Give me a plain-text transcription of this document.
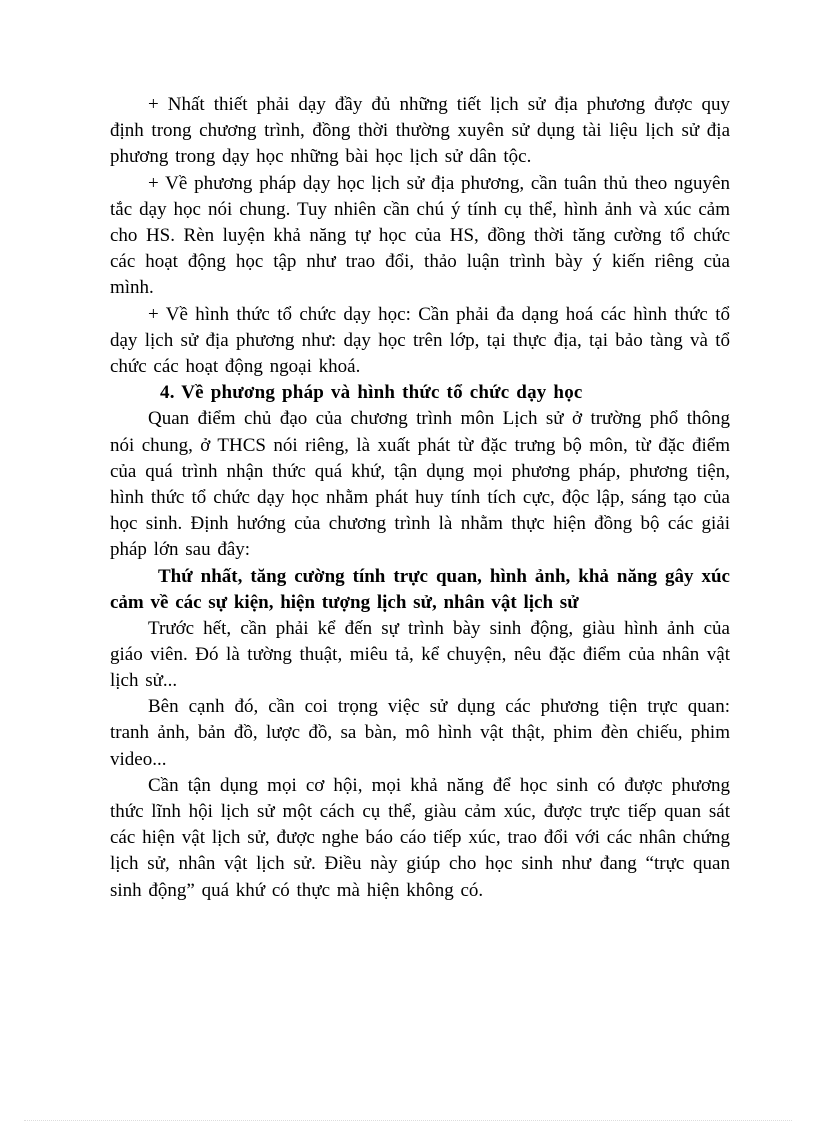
+ Nhất thiết phải dạy đầy đủ những tiết lịch sử địa phương được quy định trong chương trình, đồng thời thường xuyên sử dụng tài liệu lịch sử địa phương trong dạy học những bài học lịch sử dân tộc.

+ Về phương pháp dạy học lịch sử địa phương, cần tuân thủ theo nguyên tắc dạy học nói chung. Tuy nhiên cần chú ý tính cụ thể, hình ảnh và xúc cảm cho HS. Rèn luyện khả năng tự học của HS, đồng thời tăng cường tổ chức các hoạt động học tập như trao đổi, thảo luận trình bày ý kiến riêng của mình.

+ Về hình thức tổ chức dạy học: Cần phải đa dạng hoá các hình thức tổ dạy lịch sử địa phương như: dạy học trên lớp, tại thực địa, tại bảo tàng và tổ chức các hoạt động ngoại khoá.

4. Về phương pháp và hình thức tổ chức dạy học

Quan điểm chủ đạo của chương trình môn Lịch sử ở trường phổ thông nói chung, ở THCS nói riêng, là xuất phát từ đặc trưng bộ môn, từ đặc điểm của quá trình nhận thức quá khứ, tận dụng mọi phương pháp, phương tiện, hình thức tổ chức dạy học nhằm phát huy tính tích cực, độc lập, sáng tạo của học sinh. Định hướng của chương trình là nhằm thực hiện đồng bộ các giải pháp lớn sau đây:

Thứ nhất, tăng cường tính trực quan, hình ảnh, khả năng gây xúc cảm về các sự kiện, hiện tượng lịch sử, nhân vật lịch sử

Trước hết, cần phải kể đến sự trình bày sinh động, giàu hình ảnh của giáo viên. Đó là tường thuật, miêu tả, kể chuyện, nêu đặc điểm của nhân vật lịch sử...

Bên cạnh đó, cần coi trọng việc sử dụng các phương tiện trực quan: tranh ảnh, bản đồ, lược đồ, sa bàn, mô hình vật thật, phim đèn chiếu, phim video...

Cần tận dụng mọi cơ hội, mọi khả năng để học sinh có được phương thức lĩnh hội lịch sử một cách cụ thể, giàu cảm xúc, được trực tiếp quan sát các hiện vật lịch sử, được nghe báo cáo tiếp xúc, trao đổi với các nhân chứng lịch sử, nhân vật lịch sử. Điều này giúp cho học sinh như đang “trực quan sinh động” quá khứ có thực mà hiện không có.
